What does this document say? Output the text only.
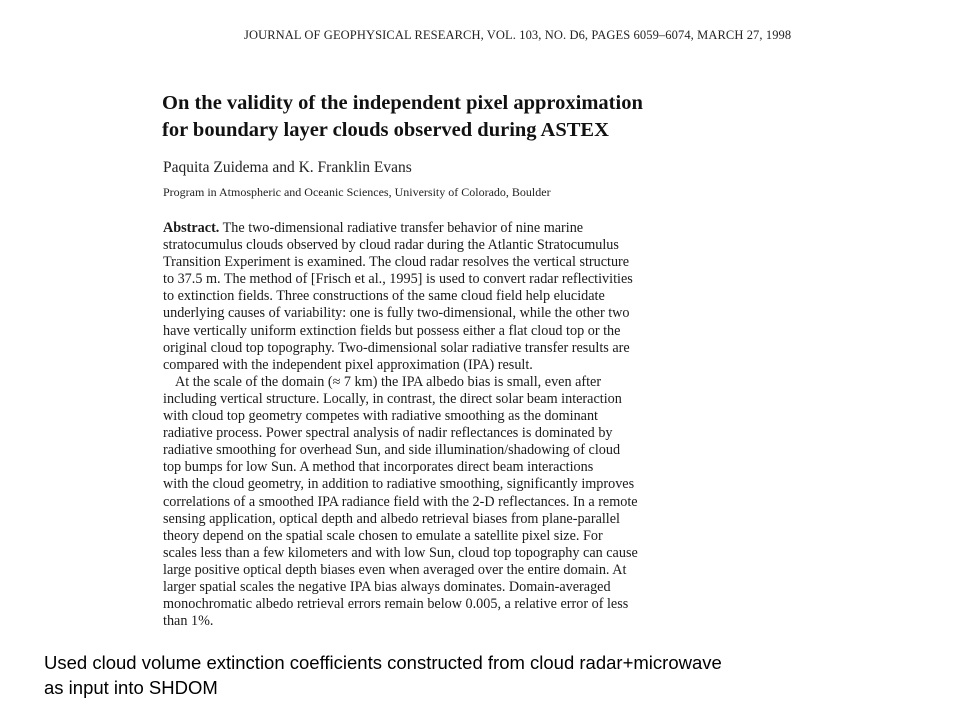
JOURNAL OF GEOPHYSICAL RESEARCH, VOL. 103, NO. D6, PAGES 6059–6074, MARCH 27, 1998
On the validity of the independent pixel approximation
for boundary layer clouds observed during ASTEX
Paquita Zuidema and K. Franklin Evans
Program in Atmospheric and Oceanic Sciences, University of Colorado, Boulder
Abstract. The two-dimensional radiative transfer behavior of nine marine
stratocumulus clouds observed by cloud radar during the Atlantic Stratocumulus
Transition Experiment is examined. The cloud radar resolves the vertical structure
to 37.5 m. The method of [Frisch et al., 1995] is used to convert radar reflectivities
to extinction fields. Three constructions of the same cloud field help elucidate
underlying causes of variability: one is fully two-dimensional, while the other two
have vertically uniform extinction fields but possess either a flat cloud top or the
original cloud top topography. Two-dimensional solar radiative transfer results are
compared with the independent pixel approximation (IPA) result.
At the scale of the domain (≈ 7 km) the IPA albedo bias is small, even after
including vertical structure. Locally, in contrast, the direct solar beam interaction
with cloud top geometry competes with radiative smoothing as the dominant
radiative process. Power spectral analysis of nadir reflectances is dominated by
radiative smoothing for overhead Sun, and side illumination/shadowing of cloud
top bumps for low Sun. A method that incorporates direct beam interactions
with the cloud geometry, in addition to radiative smoothing, significantly improves
correlations of a smoothed IPA radiance field with the 2-D reflectances. In a remote
sensing application, optical depth and albedo retrieval biases from plane-parallel
theory depend on the spatial scale chosen to emulate a satellite pixel size. For
scales less than a few kilometers and with low Sun, cloud top topography can cause
large positive optical depth biases even when averaged over the entire domain. At
larger spatial scales the negative IPA bias always dominates. Domain-averaged
monochromatic albedo retrieval errors remain below 0.005, a relative error of less
than 1%.
Used cloud volume extinction coefficients constructed from cloud radar+microwave
as input into SHDOM
